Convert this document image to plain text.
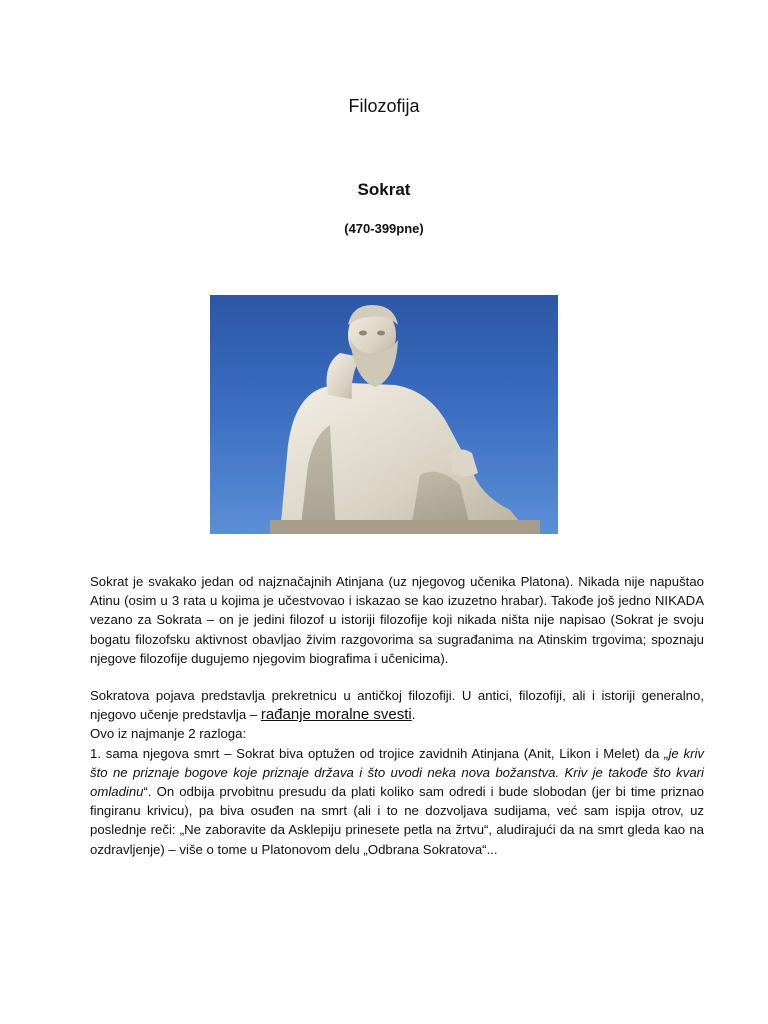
Filozofija
Sokrat
(470-399pne)
Sokrat je svakako jedan od najznačajnih Atinjana (uz njegovog učenika Platona). Nikada nije napuštao Atinu (osim u 3 rata u kojima je učestvovao i iskazao se kao izuzetno hrabar). Takođe još jedno NIKADA vezano za Sokrata – on je jedini filozof u istoriji filozofije koji nikada ništa nije napisao (Sokrat je svoju bogatu filozofsku aktivnost obavljao živim razgovorima sa sugrađanima na Atinskim trgovima; spoznaju njegove filozofije dugujemo njegovim biografima i učenicima).
Sokratova pojava predstavlja prekretnicu u antičkoj filozofiji. U antici, filozofiji, ali i istoriji generalno, njegovo učenje predstavlja – rađanje moralne svesti.
Ovo iz najmanje 2 razloga:
1. sama njegova smrt – Sokrat biva optužen od trojice zavidnih Atinjana (Anit, Likon i Melet) da „je kriv što ne priznaje bogove koje priznaje država i što uvodi neka nova božanstva. Kriv je takođe što kvari omladinu“. On odbija prvobitnu presudu da plati koliko sam odredi i bude slobodan (jer bi time priznao fingiranu krivicu), pa biva osuđen na smrt (ali i to ne dozvoljava sudijama, već sam ispija otrov, uz poslednje reči: „Ne zaboravite da Asklepiju prinesete petla na žrtvu“, aludirajući da na smrt gleda kao na ozdravljenje) – više o tome u Platonovom delu „Odbrana Sokratova“...
